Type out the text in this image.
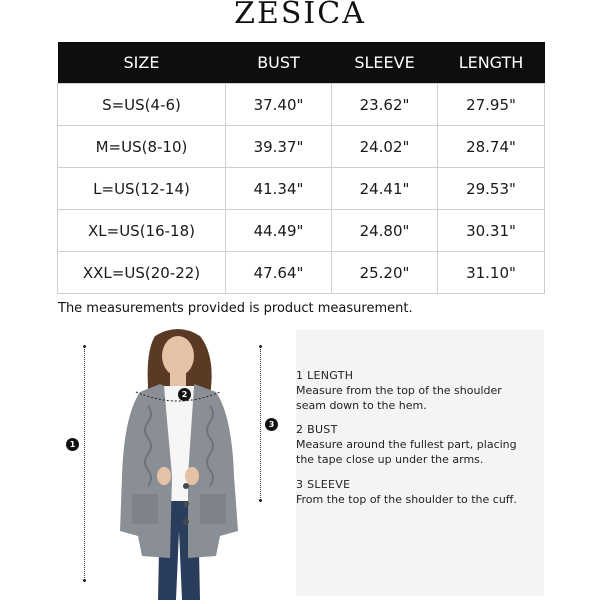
ZESICA
SIZE	BUST	SLEEVE	LENGTH
S=US(4-6)	37.40"	23.62"	27.95"
M=US(8-10)	39.37"	24.02"	28.74"
L=US(12-14)	41.34"	24.41"	29.53"
XL=US(16-18)	44.49"	24.80"	30.31"
XXL=US(20-22)	47.64"	25.20"	31.10"
The measurements provided is product measurement.
1
2
3
1 LENGTH
Measure from the top of the shoulder
seam down to the hem.
2 BUST
Measure around the fullest part, placing
the tape close up under the arms.
3 SLEEVE
From the top of the shoulder to the cuff.
